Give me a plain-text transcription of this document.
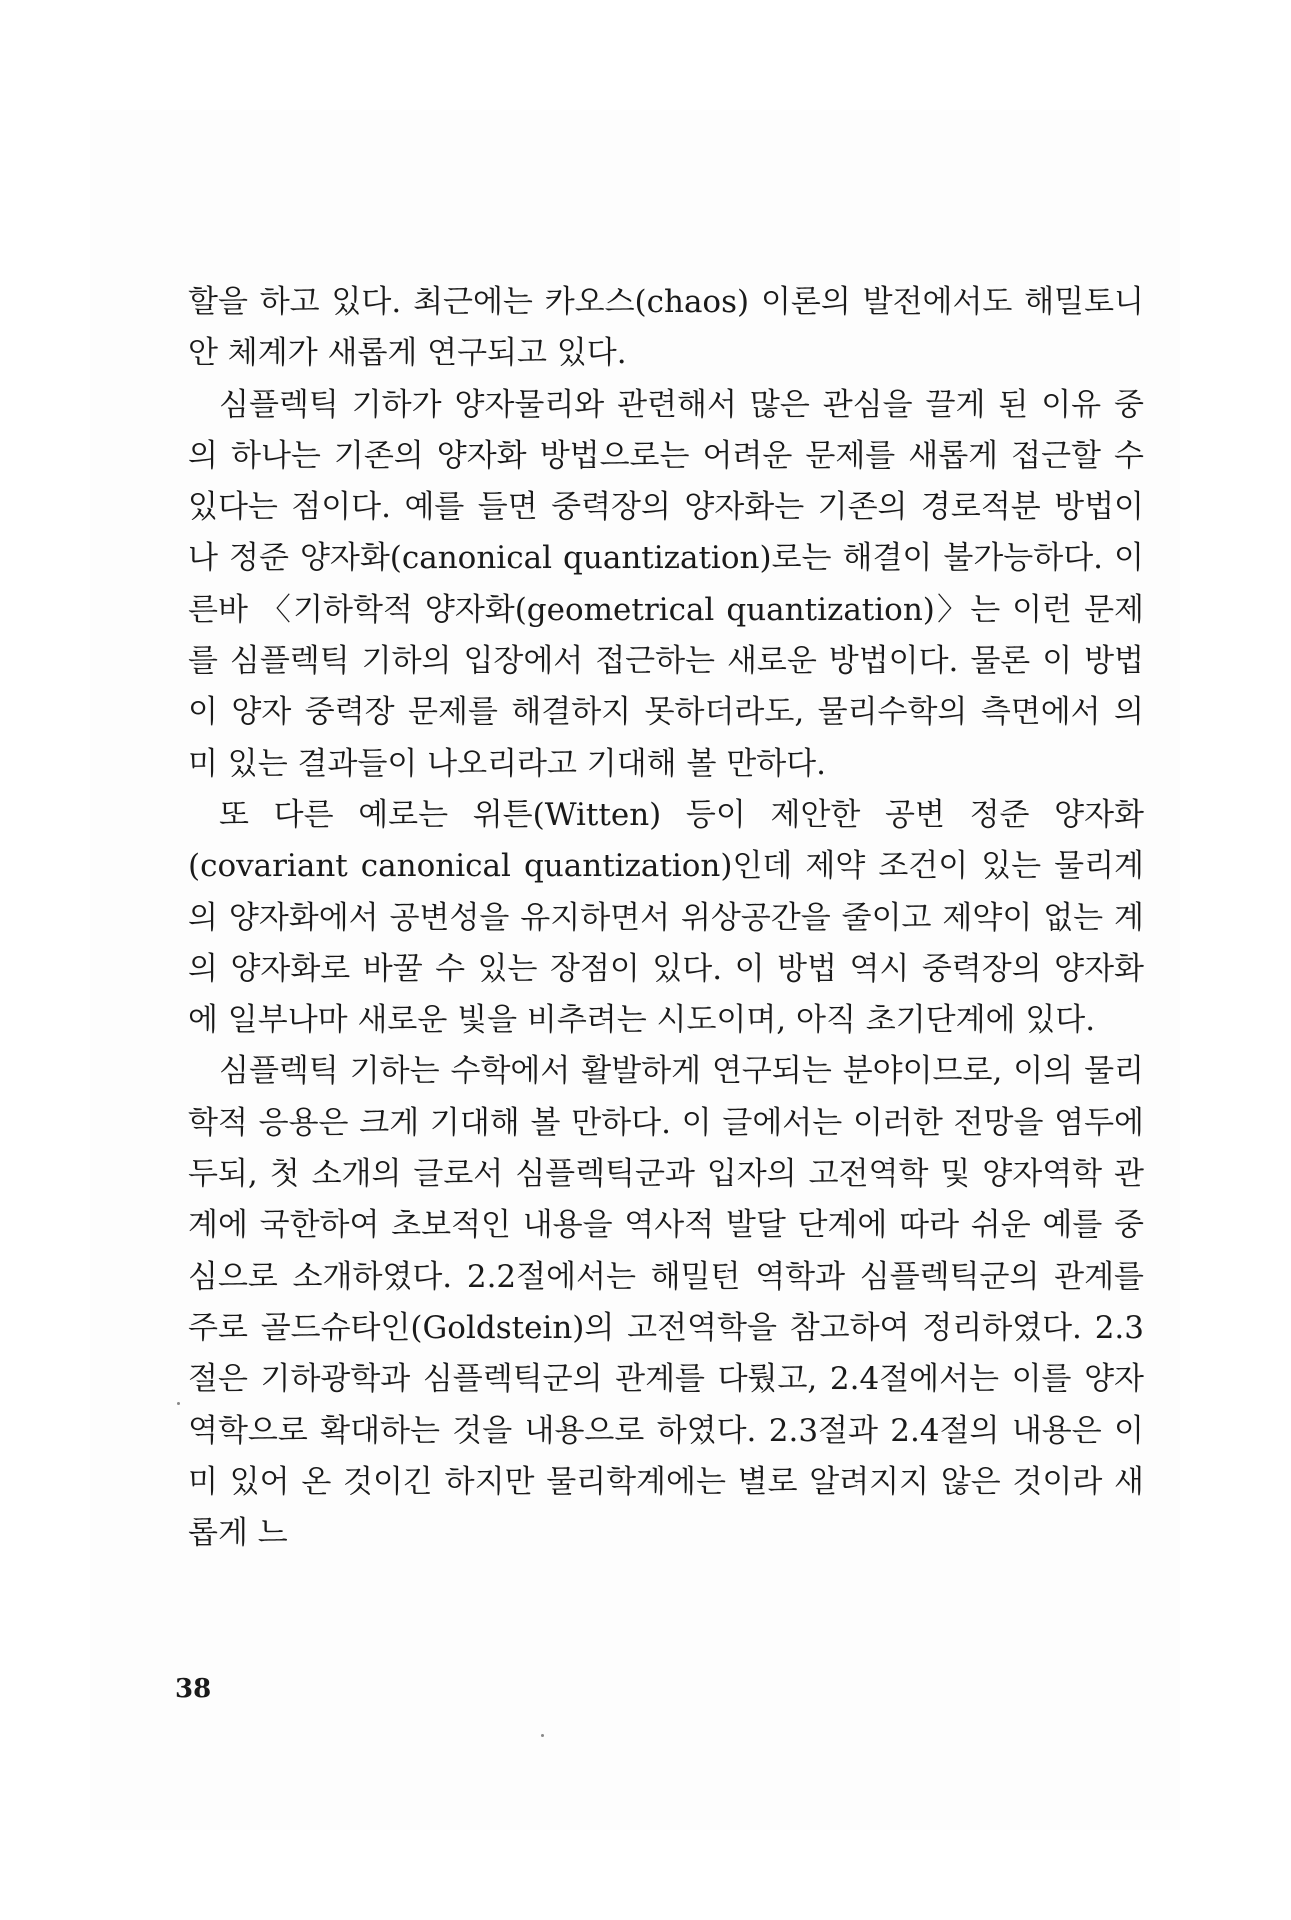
할을 하고 있다. 최근에는 카오스(chaos) 이론의 발전에서도 해밀토니안 체계가 새롭게 연구되고 있다.

심플렉틱 기하가 양자물리와 관련해서 많은 관심을 끌게 된 이유 중의 하나는 기존의 양자화 방법으로는 어려운 문제를 새롭게 접근할 수 있다는 점이다. 예를 들면 중력장의 양자화는 기존의 경로적분 방법이나 정준 양자화(canonical quantization)로는 해결이 불가능하다. 이른바 〈기하학적 양자화(geometrical quantization)〉는 이런 문제를 심플렉틱 기하의 입장에서 접근하는 새로운 방법이다. 물론 이 방법이 양자 중력장 문제를 해결하지 못하더라도, 물리수학의 측면에서 의미 있는 결과들이 나오리라고 기대해 볼 만하다.

또 다른 예로는 위튼(Witten) 등이 제안한 공변 정준 양자화(covariant canonical quantization)인데 제약 조건이 있는 물리계의 양자화에서 공변성을 유지하면서 위상공간을 줄이고 제약이 없는 계의 양자화로 바꿀 수 있는 장점이 있다. 이 방법 역시 중력장의 양자화에 일부나마 새로운 빛을 비추려는 시도이며, 아직 초기단계에 있다.

심플렉틱 기하는 수학에서 활발하게 연구되는 분야이므로, 이의 물리학적 응용은 크게 기대해 볼 만하다. 이 글에서는 이러한 전망을 염두에 두되, 첫 소개의 글로서 심플렉틱군과 입자의 고전역학 및 양자역학 관계에 국한하여 초보적인 내용을 역사적 발달 단계에 따라 쉬운 예를 중심으로 소개하였다. 2.2절에서는 해밀턴 역학과 심플렉틱군의 관계를 주로 골드슈타인(Goldstein)의 고전역학을 참고하여 정리하였다. 2.3절은 기하광학과 심플렉틱군의 관계를 다뤘고, 2.4절에서는 이를 양자역학으로 확대하는 것을 내용으로 하였다. 2.3절과 2.4절의 내용은 이미 있어 온 것이긴 하지만 물리학계에는 별로 알려지지 않은 것이라 새롭게 느

38
